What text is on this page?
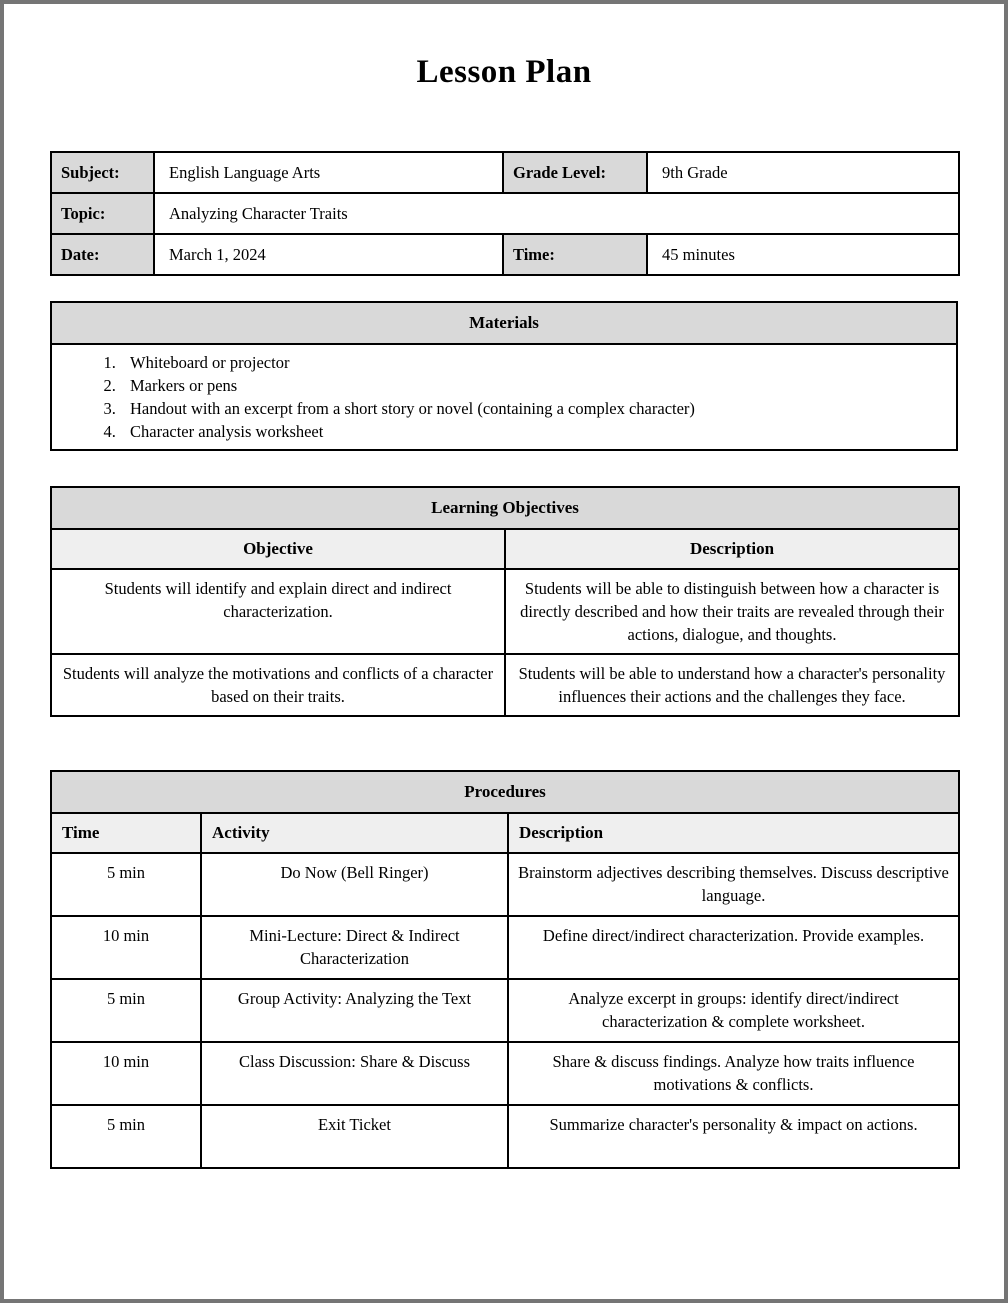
Lesson Plan
Subject:	English Language Arts	Grade Level:	9th Grade
Topic:	Analyzing Character Traits		
Date:	March 1, 2024	Time:	45 minutes
Materials

1. Whiteboard or projector
2. Markers or pens
3. Handout with an excerpt from a short story or novel (containing a complex character)
4. Character analysis worksheet
Learning Objectives	
Objective	Description
Students will identify and explain direct and indirect characterization.	Students will be able to distinguish between how a character is directly described and how their traits are revealed through their actions, dialogue, and thoughts.
Students will analyze the motivations and conflicts of a character based on their traits.	Students will be able to understand how a character's personality influences their actions and the challenges they face.
Procedures		
Time	Activity	Description
5 min	Do Now (Bell Ringer)	Brainstorm adjectives describing themselves. Discuss descriptive language.
10 min	Mini-Lecture: Direct & Indirect Characterization	Define direct/indirect characterization. Provide examples.
5 min	Group Activity: Analyzing the Text	Analyze excerpt in groups: identify direct/indirect characterization & complete worksheet.
10 min	Class Discussion: Share & Discuss	Share & discuss findings. Analyze how traits influence motivations & conflicts.
5 min	Exit Ticket	Summarize character's personality & impact on actions.
